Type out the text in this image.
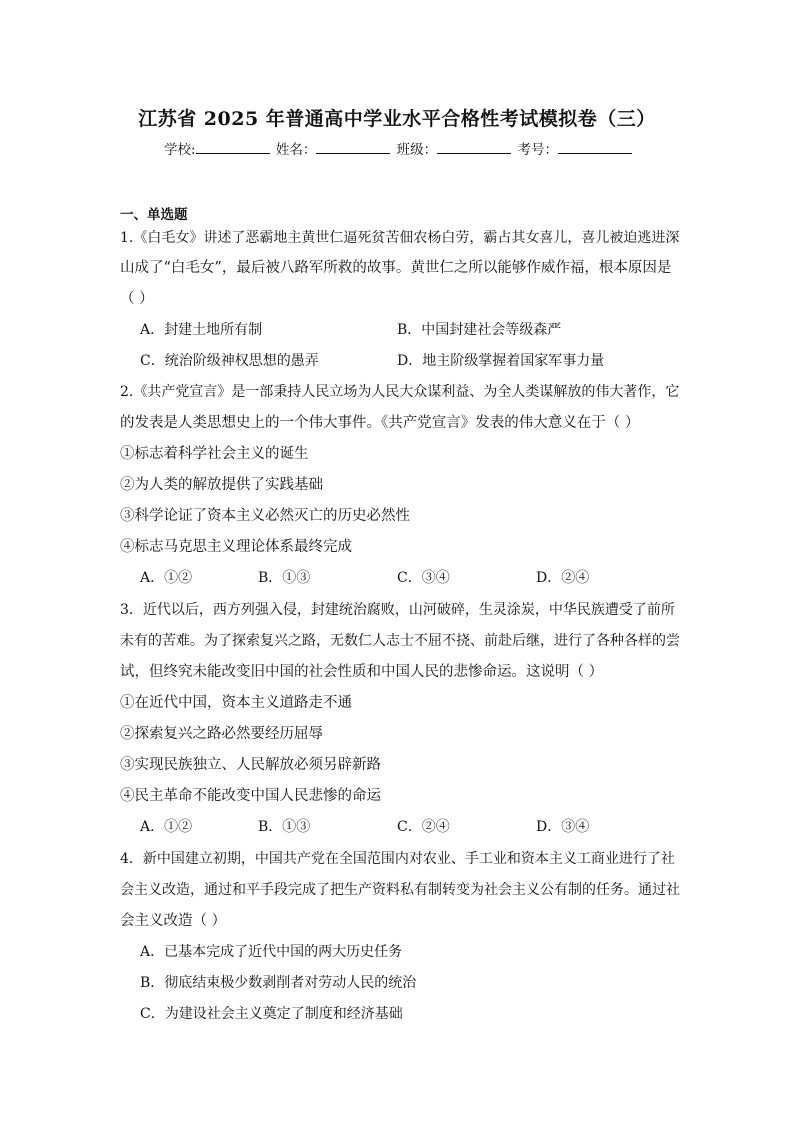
江苏省 2025 年普通高中学业水平合格性考试模拟卷（三）
学校:	姓名：	班级：	考号：
一、单选题
1.《白毛女》讲述了恶霸地主黄世仁逼死贫苦佃农杨白劳，霸占其女喜儿，喜儿被迫逃进深
山成了“白毛女”，最后被八路军所救的故事。黄世仁之所以能够作威作福，根本原因是
（ ）
A．封建土地所有制	B．中国封建社会等级森严
C．统治阶级神权思想的愚弄	D．地主阶级掌握着国家军事力量
2.《共产党宣言》是一部秉持人民立场为人民大众谋利益、为全人类谋解放的伟大著作，它
的发表是人类思想史上的一个伟大事件。《共产党宣言》发表的伟大意义在于（ ）
①标志着科学社会主义的诞生
②为人类的解放提供了实践基础
③科学论证了资本主义必然灭亡的历史必然性
④标志马克思主义理论体系最终完成
A．①②	B．①③	C．③④	D．②④
3．近代以后，西方列强入侵，封建统治腐败，山河破碎，生灵涂炭，中华民族遭受了前所
未有的苦难。为了探索复兴之路，无数仁人志士不屈不挠、前赴后继，进行了各种各样的尝
试，但终究未能改变旧中国的社会性质和中国人民的悲惨命运。这说明（ ）
①在近代中国，资本主义道路走不通
②探索复兴之路必然要经历屈辱
③实现民族独立、人民解放必须另辟新路
④民主革命不能改变中国人民悲惨的命运
A．①②	B．①③	C．②④	D．③④
4．新中国建立初期，中国共产党在全国范围内对农业、手工业和资本主义工商业进行了社
会主义改造，通过和平手段完成了把生产资料私有制转变为社会主义公有制的任务。通过社
会主义改造（ ）
A．已基本完成了近代中国的两大历史任务
B．彻底结束极少数剥削者对劳动人民的统治
C．为建设社会主义奠定了制度和经济基础
